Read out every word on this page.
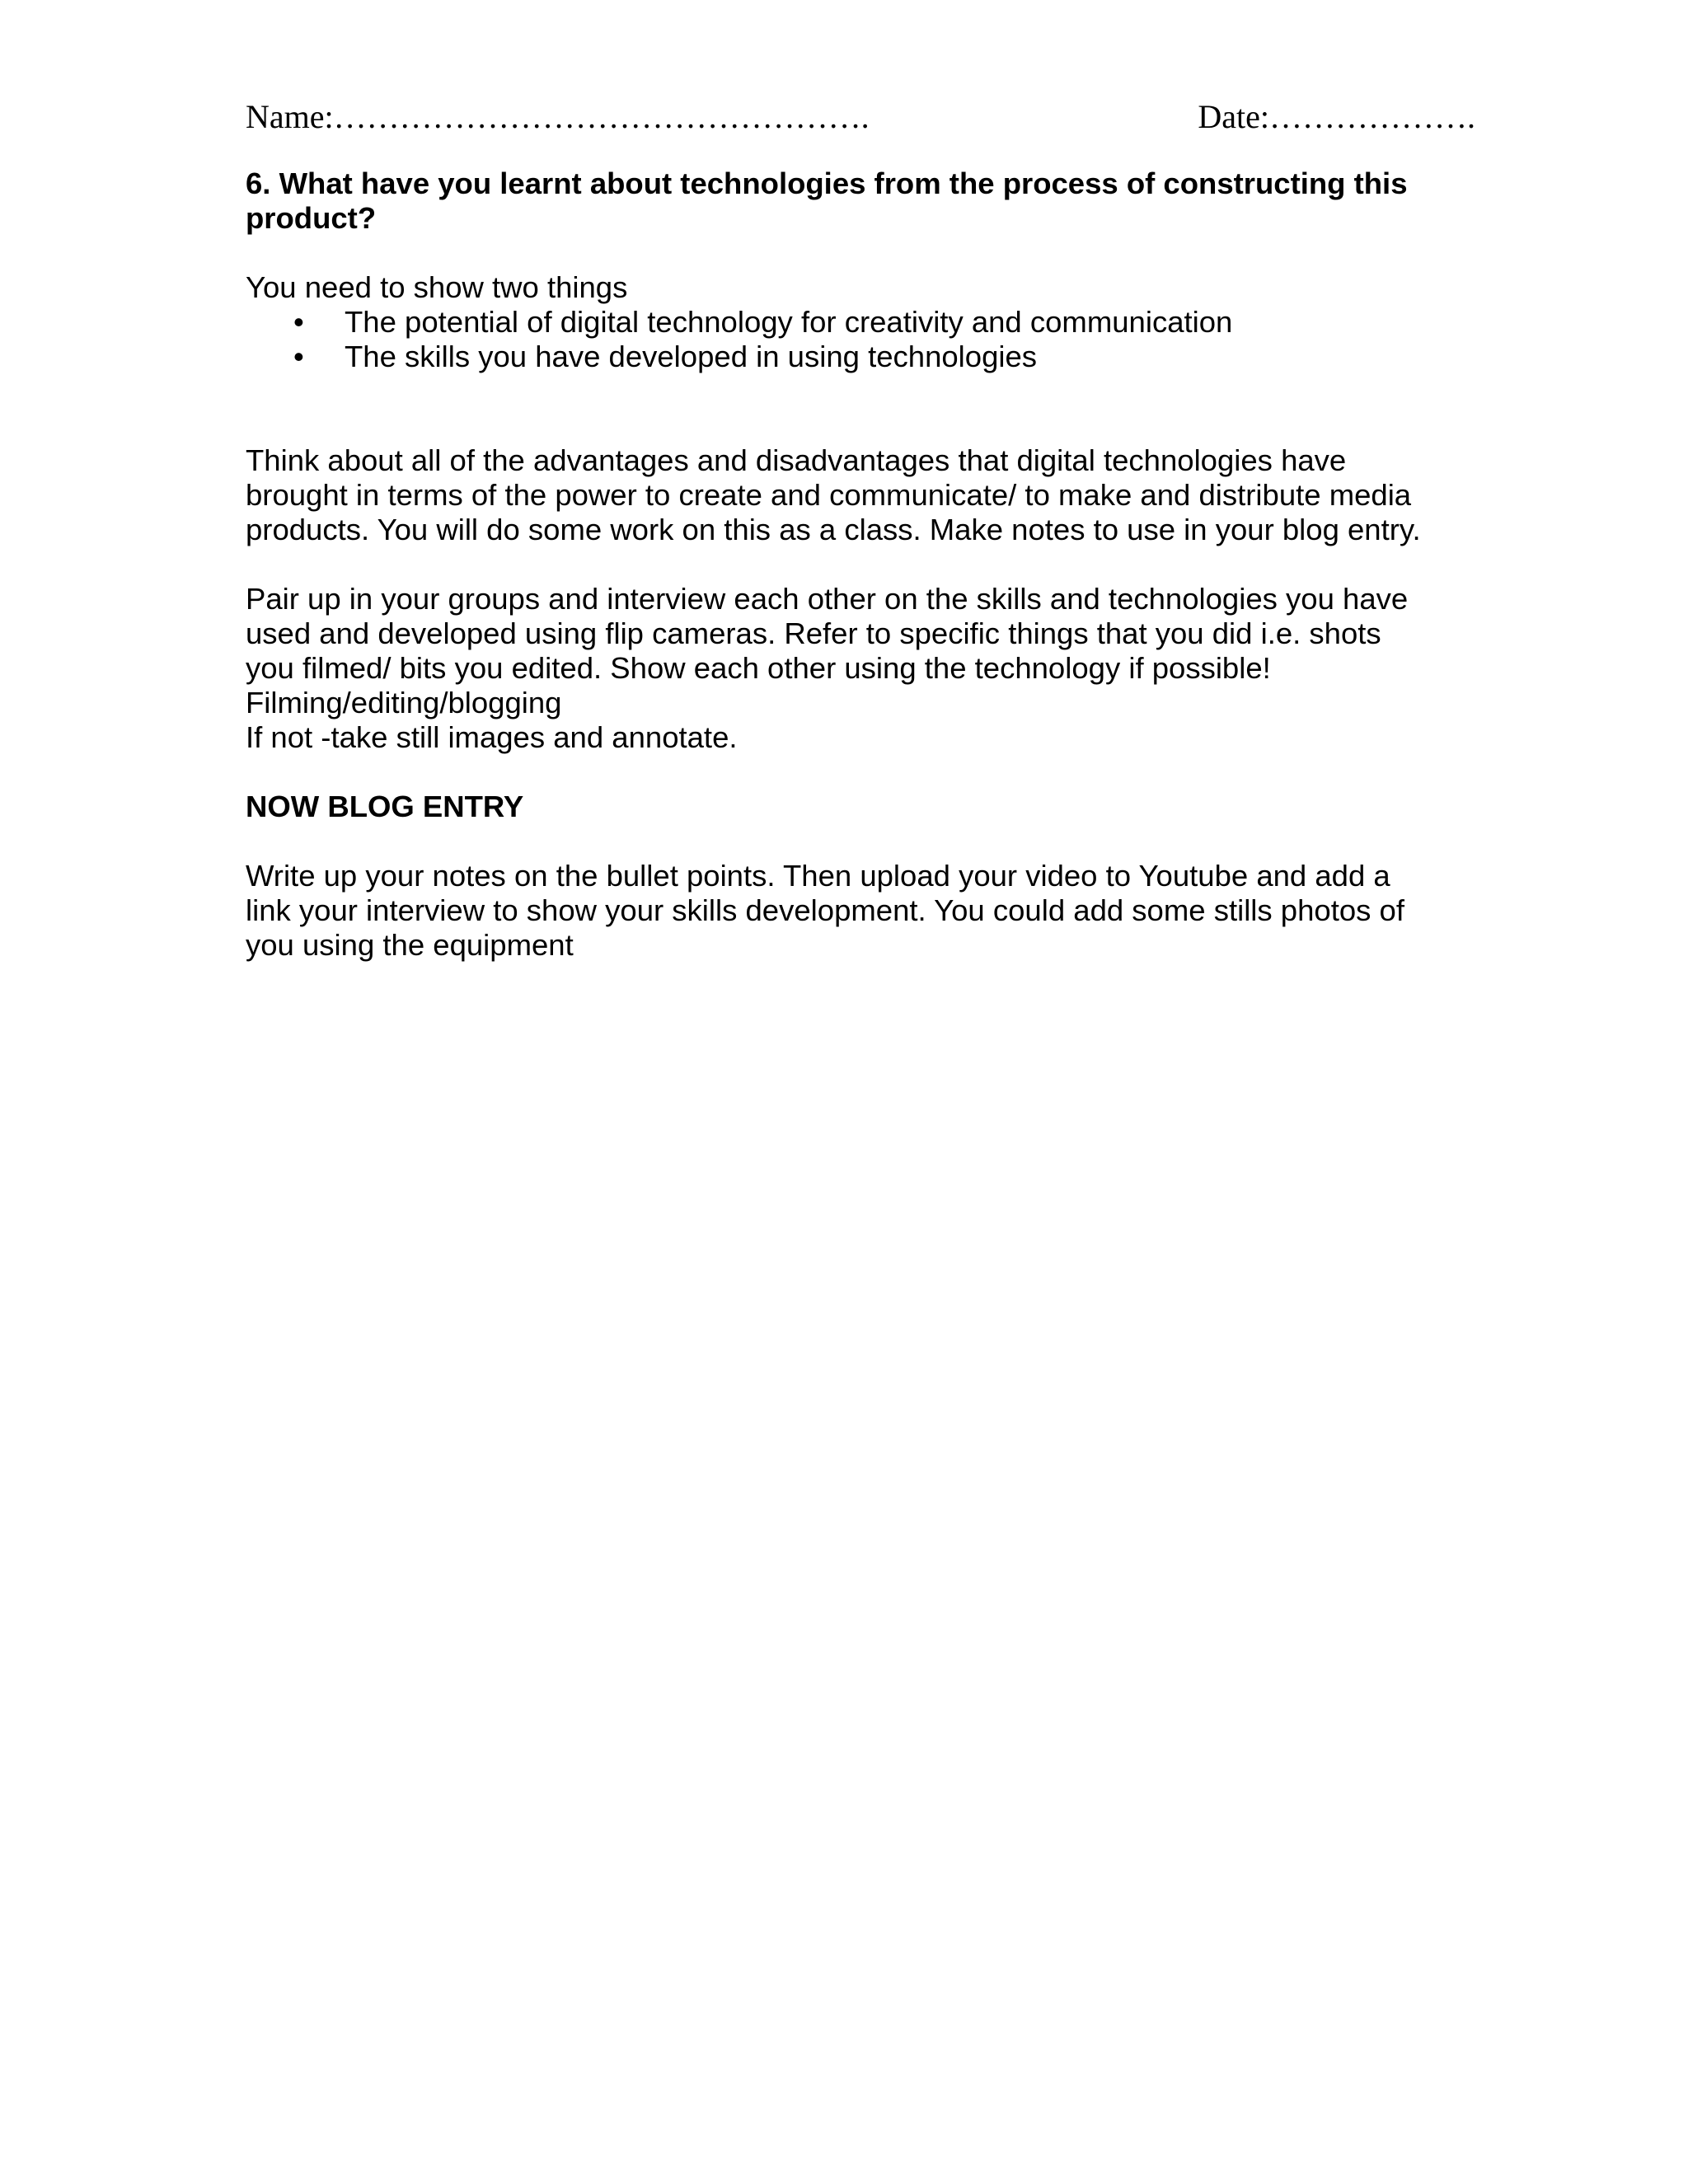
Name:………………………………………….	Date:……………….

6. What have you learnt about technologies from the process of constructing this product?

You need to show two things

• The potential of digital technology for creativity and communication
• The skills you have developed in using technologies
Think about all of the advantages and disadvantages that digital technologies have
brought in terms of the power to create and communicate/ to make and distribute media
products. You will do some work on this as a class. Make notes to use in your blog entry.
Pair up in your groups and interview each other on the skills and technologies you have
used and developed using flip cameras. Refer to specific things that you did i.e. shots
you filmed/ bits you edited. Show each other using the technology if possible!
Filming/editing/blogging
If not -take still images and annotate.

NOW BLOG ENTRY

Write up your notes on the bullet points. Then upload your video to Youtube and add a
link your interview to show your skills development. You could add some stills photos of
you using the equipment
